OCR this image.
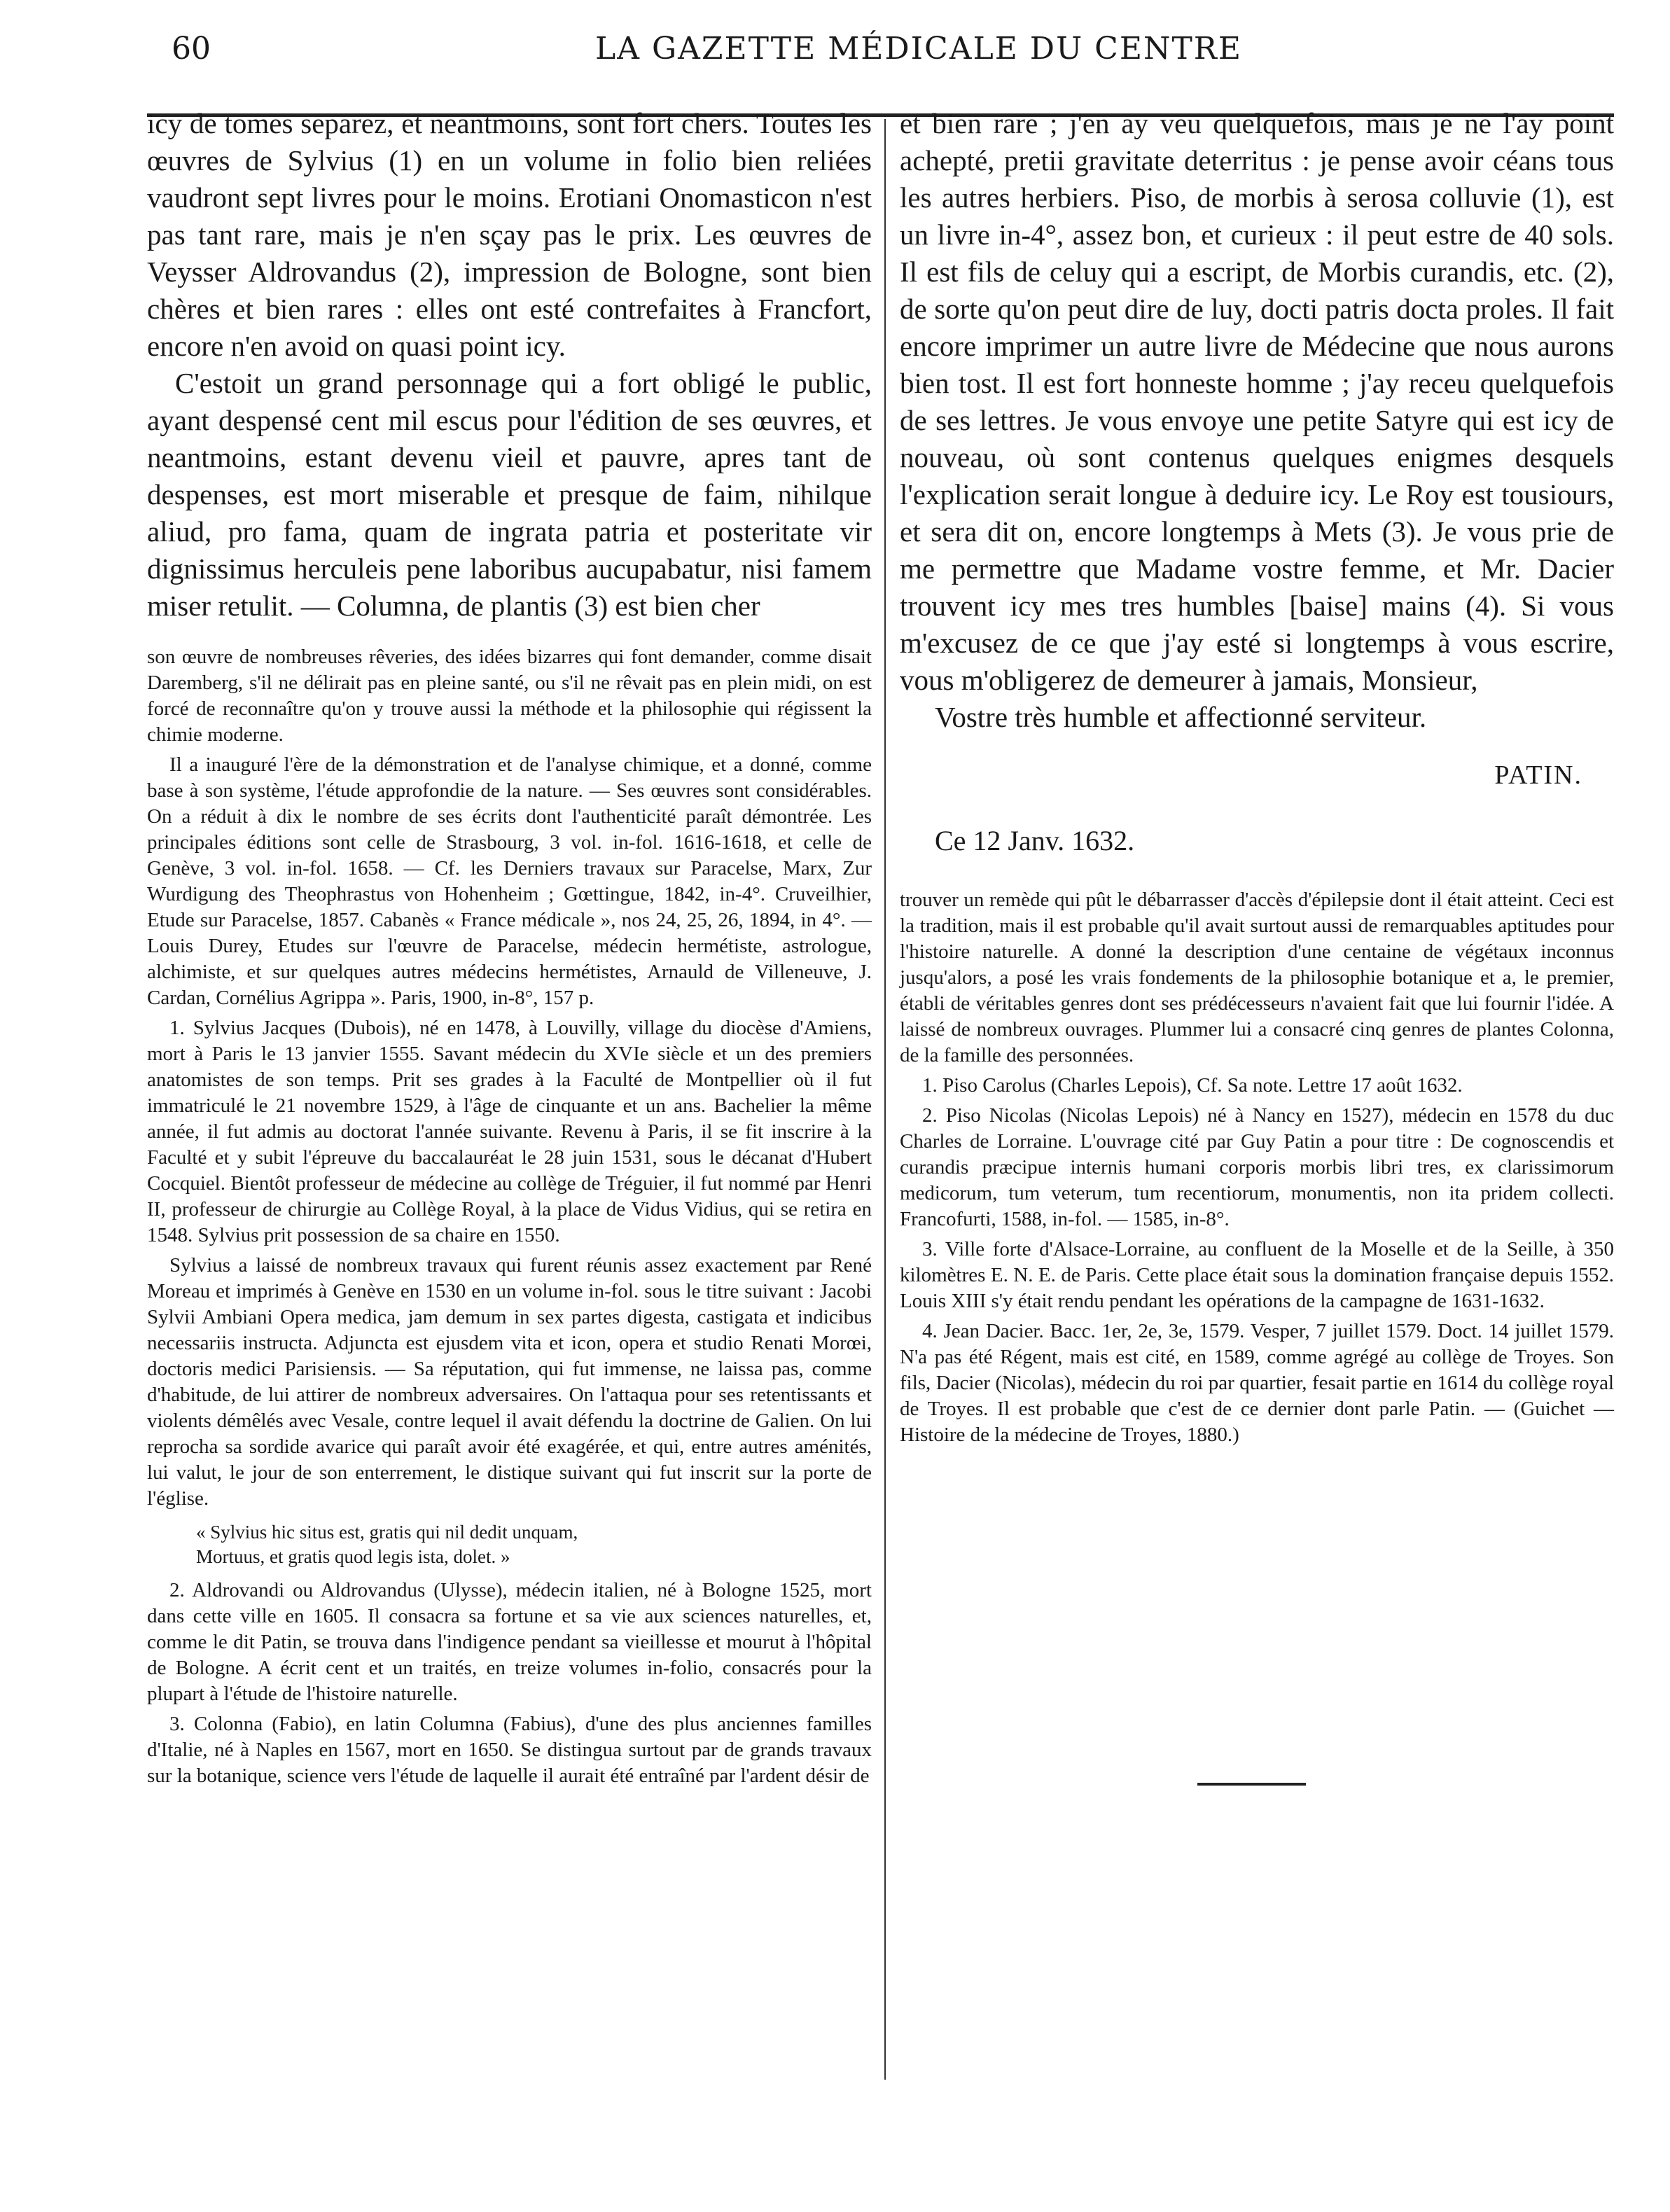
60	LA GAZETTE MÉDICALE DU CENTRE

icy de tomes separez, et neantmoins, sont fort chers. Toutes les œuvres de Sylvius (1) en un volume in folio bien reliées vaudront sept livres pour le moins. Erotiani Onomasticon n'est pas tant rare, mais je n'en sçay pas le prix. Les œuvres de Veysser Aldrovandus (2), impression de Bologne, sont bien chères et bien rares : elles ont esté contrefaites à Francfort, encore n'en avoid on quasi point icy.

C'estoit un grand personnage qui a fort obligé le public, ayant despensé cent mil escus pour l'édition de ses œuvres, et neantmoins, estant devenu vieil et pauvre, apres tant de despenses, est mort miserable et presque de faim, nihilque aliud, pro fama, quam de ingrata patria et posteritate vir dignissimus herculeis pene laboribus aucupabatur, nisi famem miser retulit. — Columna, de plantis (3) est bien cher

son œuvre de nombreuses rêveries, des idées bizarres qui font demander, comme disait Daremberg, s'il ne délirait pas en pleine santé, ou s'il ne rêvait pas en plein midi, on est forcé de reconnaître qu'on y trouve aussi la méthode et la philosophie qui régissent la chimie moderne.

Il a inauguré l'ère de la démonstration et de l'analyse chimique, et a donné, comme base à son système, l'étude approfondie de la nature. — Ses œuvres sont considérables. On a réduit à dix le nombre de ses écrits dont l'authenticité paraît démontrée. Les principales éditions sont celle de Strasbourg, 3 vol. in-fol. 1616-1618, et celle de Genève, 3 vol. in-fol. 1658. — Cf. les Derniers travaux sur Paracelse, Marx, Zur Wurdigung des Theophrastus von Hohenheim ; Gœttingue, 1842, in-4°. Cruveilhier, Etude sur Paracelse, 1857. Cabanès « France médicale », nos 24, 25, 26, 1894, in 4°. — Louis Durey, Etudes sur l'œuvre de Paracelse, médecin hermétiste, astrologue, alchimiste, et sur quelques autres médecins hermétistes, Arnauld de Villeneuve, J. Cardan, Cornélius Agrippa ». Paris, 1900, in-8°, 157 p.

1. Sylvius Jacques (Dubois), né en 1478, à Louvilly, village du diocèse d'Amiens, mort à Paris le 13 janvier 1555. Savant médecin du XVIe siècle et un des premiers anatomistes de son temps. Prit ses grades à la Faculté de Montpellier où il fut immatriculé le 21 novembre 1529, à l'âge de cinquante et un ans. Bachelier la même année, il fut admis au doctorat l'année suivante. Revenu à Paris, il se fit inscrire à la Faculté et y subit l'épreuve du baccalauréat le 28 juin 1531, sous le décanat d'Hubert Cocquiel. Bientôt professeur de médecine au collège de Tréguier, il fut nommé par Henri II, professeur de chirurgie au Collège Royal, à la place de Vidus Vidius, qui se retira en 1548. Sylvius prit possession de sa chaire en 1550.

Sylvius a laissé de nombreux travaux qui furent réunis assez exactement par René Moreau et imprimés à Genève en 1530 en un volume in-fol. sous le titre suivant : Jacobi Sylvii Ambiani Opera medica, jam demum in sex partes digesta, castigata et indicibus necessariis instructa. Adjuncta est ejusdem vita et icon, opera et studio Renati Morœi, doctoris medici Parisiensis. — Sa réputation, qui fut immense, ne laissa pas, comme d'habitude, de lui attirer de nombreux adversaires. On l'attaqua pour ses retentissants et violents démêlés avec Vesale, contre lequel il avait défendu la doctrine de Galien. On lui reprocha sa sordide avarice qui paraît avoir été exagérée, et qui, entre autres aménités, lui valut, le jour de son enterrement, le distique suivant qui fut inscrit sur la porte de l'église.

« Sylvius hic situs est, gratis qui nil dedit unquam,
Mortuus, et gratis quod legis ista, dolet. »

2. Aldrovandi ou Aldrovandus (Ulysse), médecin italien, né à Bologne 1525, mort dans cette ville en 1605. Il consacra sa fortune et sa vie aux sciences naturelles, et, comme le dit Patin, se trouva dans l'indigence pendant sa vieillesse et mourut à l'hôpital de Bologne. A écrit cent et un traités, en treize volumes in-folio, consacrés pour la plupart à l'étude de l'histoire naturelle.

3. Colonna (Fabio), en latin Columna (Fabius), d'une des plus anciennes familles d'Italie, né à Naples en 1567, mort en 1650. Se distingua surtout par de grands travaux sur la botanique, science vers l'étude de laquelle il aurait été entraîné par l'ardent désir de

et bien rare ; j'en ay veu quelquefois, mais je ne l'ay point achepté, pretii gravitate deterritus : je pense avoir céans tous les autres herbiers. Piso, de morbis à serosa colluvie (1), est un livre in-4°, assez bon, et curieux : il peut estre de 40 sols. Il est fils de celuy qui a escript, de Morbis curandis, etc. (2), de sorte qu'on peut dire de luy, docti patris docta proles. Il fait encore imprimer un autre livre de Médecine que nous aurons bien tost. Il est fort honneste homme ; j'ay receu quelquefois de ses lettres. Je vous envoye une petite Satyre qui est icy de nouveau, où sont contenus quelques enigmes desquels l'explication serait longue à deduire icy. Le Roy est tousiours, et sera dit on, encore longtemps à Mets (3). Je vous prie de me permettre que Madame vostre femme, et Mr. Dacier trouvent icy mes tres humbles [baise] mains (4). Si vous m'excusez de ce que j'ay esté si longtemps à vous escrire, vous m'obligerez de demeurer à jamais, Monsieur,

Vostre très humble et affectionné serviteur.

PATIN.
Ce 12 Janv. 1632.

trouver un remède qui pût le débarrasser d'accès d'épilepsie dont il était atteint. Ceci est la tradition, mais il est probable qu'il avait surtout aussi de remarquables aptitudes pour l'histoire naturelle. A donné la description d'une centaine de végétaux inconnus jusqu'alors, a posé les vrais fondements de la philosophie botanique et a, le premier, établi de véritables genres dont ses prédécesseurs n'avaient fait que lui fournir l'idée. A laissé de nombreux ouvrages. Plummer lui a consacré cinq genres de plantes Colonna, de la famille des personnées.

1. Piso Carolus (Charles Lepois), Cf. Sa note. Lettre 17 août 1632.

2. Piso Nicolas (Nicolas Lepois) né à Nancy en 1527), médecin en 1578 du duc Charles de Lorraine. L'ouvrage cité par Guy Patin a pour titre : De cognoscendis et curandis præcipue internis humani corporis morbis libri tres, ex clarissimorum medicorum, tum veterum, tum recentiorum, monumentis, non ita pridem collecti. Francofurti, 1588, in-fol. — 1585, in-8°.

3. Ville forte d'Alsace-Lorraine, au confluent de la Moselle et de la Seille, à 350 kilomètres E. N. E. de Paris. Cette place était sous la domination française depuis 1552. Louis XIII s'y était rendu pendant les opérations de la campagne de 1631-1632.

4. Jean Dacier. Bacc. 1er, 2e, 3e, 1579. Vesper, 7 juillet 1579. Doct. 14 juillet 1579. N'a pas été Régent, mais est cité, en 1589, comme agrégé au collège de Troyes. Son fils, Dacier (Nicolas), médecin du roi par quartier, fesait partie en 1614 du collège royal de Troyes. Il est probable que c'est de ce dernier dont parle Patin. — (Guichet — Histoire de la médecine de Troyes, 1880.)
